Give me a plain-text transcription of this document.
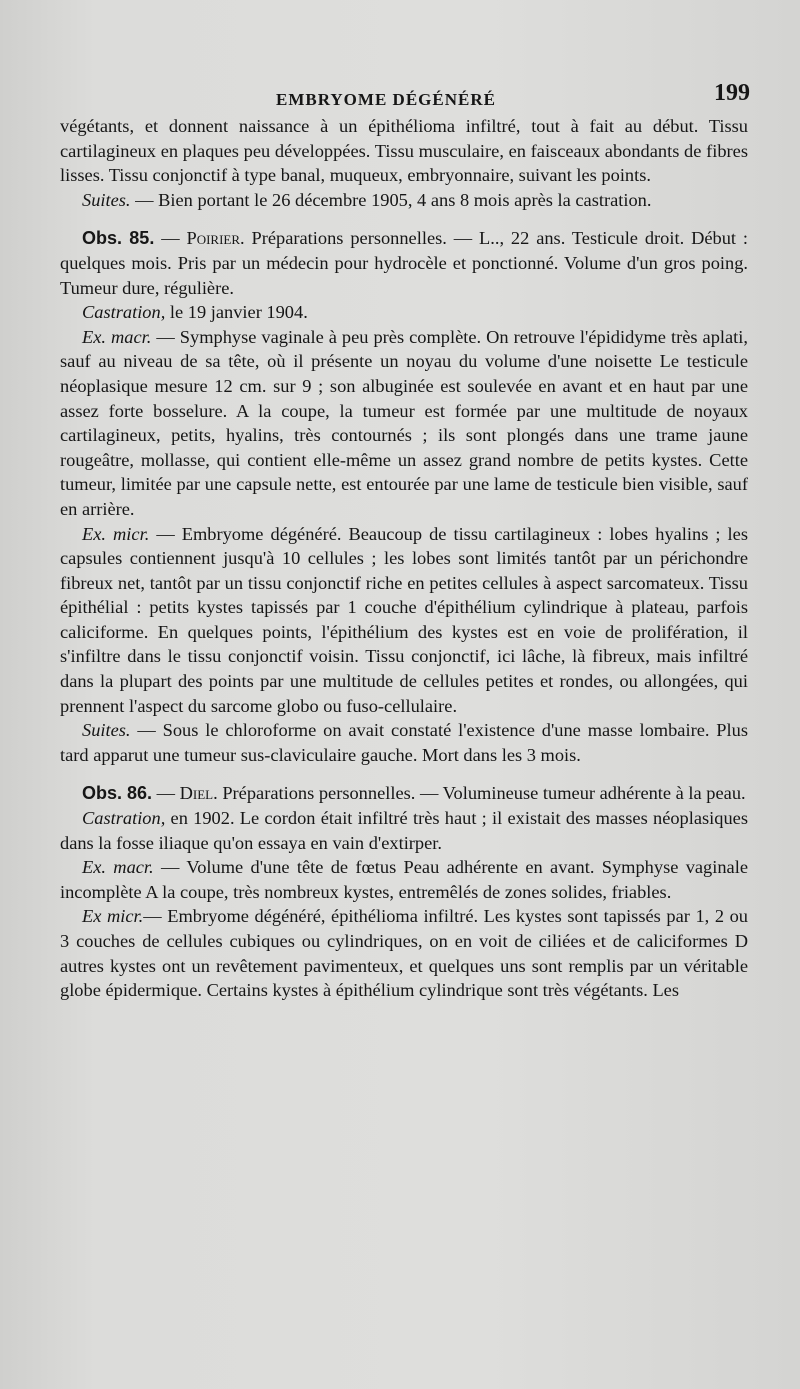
EMBRYOME DÉGÉNÉRÉ	199

végétants, et donnent naissance à un épithélioma infiltré, tout à fait au début. Tissu cartilagineux en plaques peu développées. Tissu musculaire, en faisceaux abondants de fibres lisses. Tissu conjonctif à type banal, muqueux, embryonnaire, suivant les points.

Suites. — Bien portant le 26 décembre 1905, 4 ans 8 mois après la castration.

Obs. 85. — Poirier. Préparations personnelles. — L.., 22 ans. Testicule droit. Début : quelques mois. Pris par un médecin pour hydrocèle et ponctionné. Volume d'un gros poing. Tumeur dure, régulière.

Castration, le 19 janvier 1904.

Ex. macr. — Symphyse vaginale à peu près complète. On retrouve l'épididyme très aplati, sauf au niveau de sa tête, où il présente un noyau du volume d'une noisette Le testicule néoplasique mesure 12 cm. sur 9 ; son albuginée est soulevée en avant et en haut par une assez forte bosselure. A la coupe, la tumeur est formée par une multitude de noyaux cartilagineux, petits, hyalins, très contournés ; ils sont plongés dans une trame jaune rougeâtre, mollasse, qui contient elle-même un assez grand nombre de petits kystes. Cette tumeur, limitée par une capsule nette, est entourée par une lame de testicule bien visible, sauf en arrière.

Ex. micr. — Embryome dégénéré. Beaucoup de tissu cartilagineux : lobes hyalins ; les capsules contiennent jusqu'à 10 cellules ; les lobes sont limités tantôt par un périchondre fibreux net, tantôt par un tissu conjonctif riche en petites cellules à aspect sarcomateux. Tissu épithélial : petits kystes tapissés par 1 couche d'épithélium cylindrique à plateau, parfois caliciforme. En quelques points, l'épithélium des kystes est en voie de prolifération, il s'infiltre dans le tissu conjonctif voisin. Tissu conjonctif, ici lâche, là fibreux, mais infiltré dans la plupart des points par une multitude de cellules petites et rondes, ou allongées, qui prennent l'aspect du sarcome globo ou fuso-cellulaire.

Suites. — Sous le chloroforme on avait constaté l'existence d'une masse lombaire. Plus tard apparut une tumeur sus-claviculaire gauche. Mort dans les 3 mois.

Obs. 86. — Diel. Préparations personnelles. — Volumineuse tumeur adhérente à la peau.

Castration, en 1902. Le cordon était infiltré très haut ; il existait des masses néoplasiques dans la fosse iliaque qu'on essaya en vain d'extirper.

Ex. macr. — Volume d'une tête de fœtus Peau adhérente en avant. Symphyse vaginale incomplète A la coupe, très nombreux kystes, entremêlés de zones solides, friables.

Ex micr.— Embryome dégénéré, épithélioma infiltré. Les kystes sont tapissés par 1, 2 ou 3 couches de cellules cubiques ou cylindriques, on en voit de ciliées et de caliciformes D autres kystes ont un revêtement pavimenteux, et quelques uns sont remplis par un véritable globe épidermique. Certains kystes à épithélium cylindrique sont très végétants. Les
